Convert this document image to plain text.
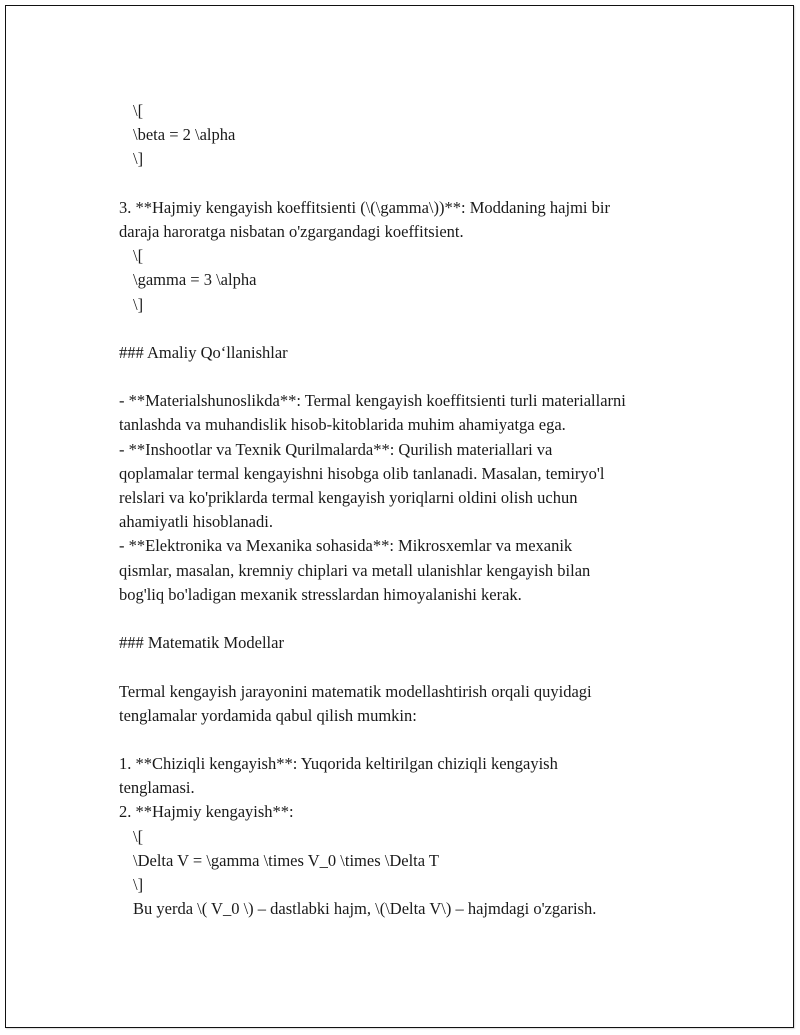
\[
\beta = 2 \alpha
\]
3. **Hajmiy kengayish koeffitsienti (\(\gamma\))**: Moddaning hajmi bir
daraja haroratga nisbatan o'zgargandagi koeffitsient.
\[
\gamma = 3 \alpha
\]
### Amaliy Qo‘llanishlar
- **Materialshunoslikda**: Termal kengayish koeffitsienti turli materiallarni
tanlashda va muhandislik hisob-kitoblarida muhim ahamiyatga ega.
- **Inshootlar va Texnik Qurilmalarda**: Qurilish materiallari va
qoplamalar termal kengayishni hisobga olib tanlanadi. Masalan, temiryo'l
relslari va ko'priklarda termal kengayish yoriqlarni oldini olish uchun
ahamiyatli hisoblanadi.
- **Elektronika va Mexanika sohasida**: Mikrosxemlar va mexanik
qismlar, masalan, kremniy chiplari va metall ulanishlar kengayish bilan
bog'liq bo'ladigan mexanik stresslardan himoyalanishi kerak.
### Matematik Modellar
Termal kengayish jarayonini matematik modellashtirish orqali quyidagi
tenglamalar yordamida qabul qilish mumkin:
1. **Chiziqli kengayish**: Yuqorida keltirilgan chiziqli kengayish
tenglamasi.
2. **Hajmiy kengayish**:
\[
\Delta V = \gamma \times V_0 \times \Delta T
\]
Bu yerda \( V_0 \) – dastlabki hajm, \(\Delta V\) – hajmdagi o'zgarish.
